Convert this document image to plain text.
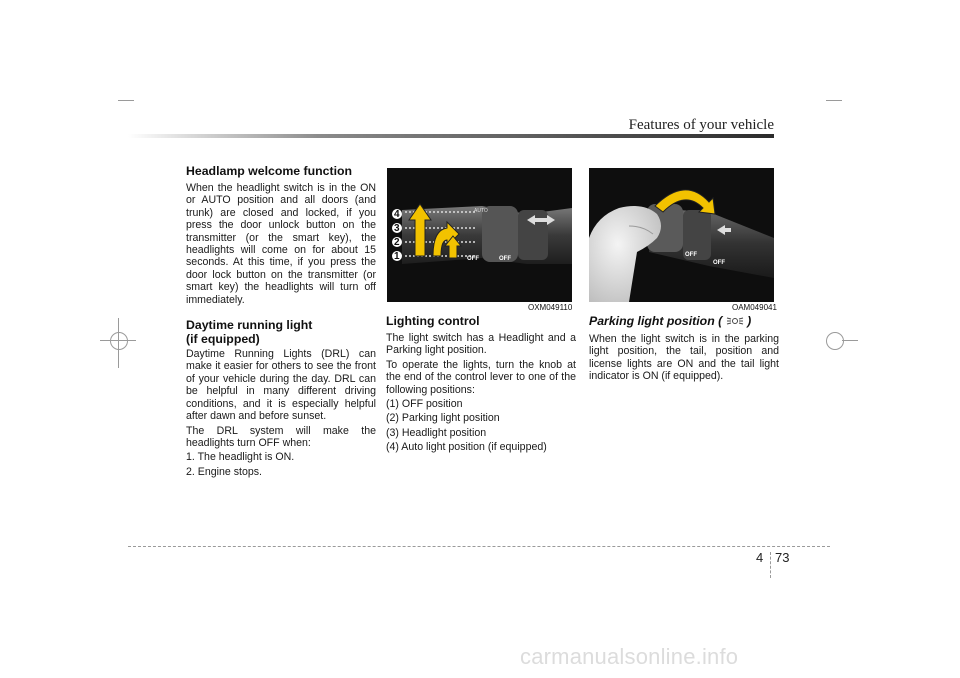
Features of your vehicle
Headlamp welcome function

When the headlight switch is in the ON or AUTO position and all doors (and trunk) are closed and locked, if you press the door unlock button on the transmitter (or the smart key), the headlights will come on for about 15 seconds. At this time, if you press the door lock button on the transmitter (or smart key) the headlights will turn off immediately.

Daytime running light
(if equipped)

Daytime Running Lights (DRL) can make it easier for others to see the front of your vehicle during the day. DRL can be helpful in many different driving conditions, and it is especially helpful after dawn and before sunset.

The DRL system will make the headlights turn OFF when:

1. The headlight is ON.

2. Engine stops.

AUTO
OFF	OFF
4
3
2
1
OXM049110
OFF
OFF
OAM049041
Lighting control

The light switch has a Headlight and a Parking light position.

To operate the lights, turn the knob at the end of the control lever to one of the following positions:

(1) OFF position

(2) Parking light position

(3) Headlight position

(4) Auto light position (if equipped)

Parking light position ( )

When the light switch is in the parking light position, the tail, position and license lights are ON and the tail light indicator is ON (if equipped).

4 73
carmanualsonline.info
